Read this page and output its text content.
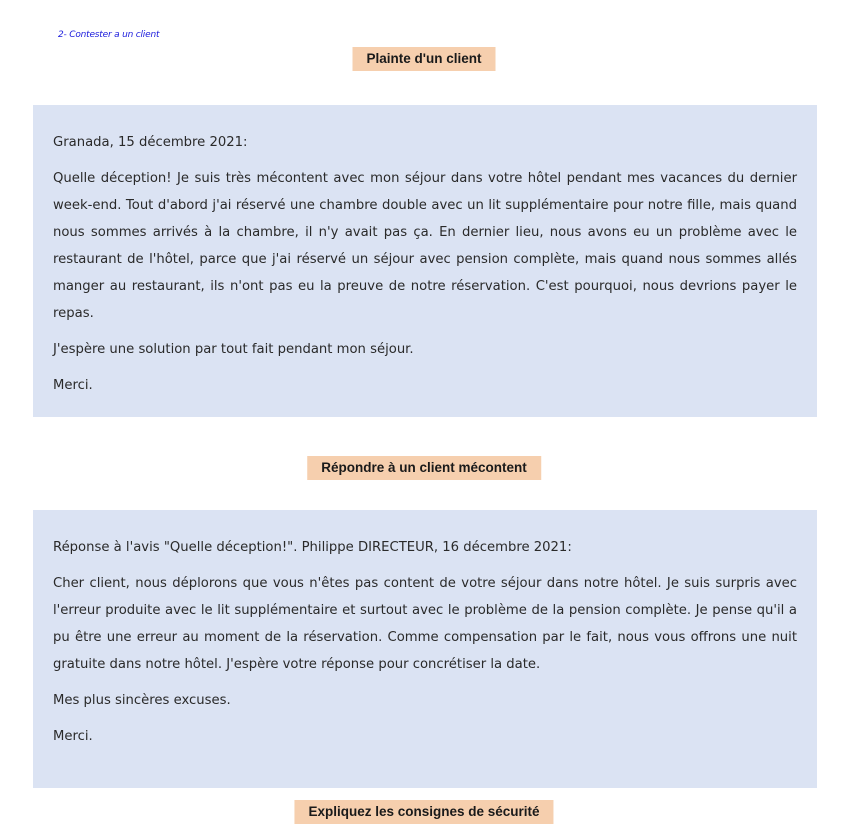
2- Contester a un client
Plainte d'un client

Granada, 15 décembre 2021:

Quelle déception! Je suis très mécontent avec mon séjour dans votre hôtel pendant mes vacances du dernier week-end. Tout d'abord j'ai réservé une chambre double avec un lit supplémentaire pour notre fille, mais quand nous sommes arrivés à la chambre, il n'y avait pas ça. En dernier lieu, nous avons eu un problème avec le restaurant de l'hôtel, parce que j'ai réservé un séjour avec pension complète, mais quand nous sommes allés manger au restaurant, ils n'ont pas eu la preuve de notre réservation. C'est pourquoi, nous devrions payer le repas.

J'espère une solution par tout fait pendant mon séjour.

Merci.

Répondre à un client mécontent

Réponse à l'avis "Quelle déception!". Philippe DIRECTEUR, 16 décembre 2021:

Cher client, nous déplorons que vous n'êtes pas content de votre séjour dans notre hôtel. Je suis surpris avec l'erreur produite avec le lit supplémentaire et surtout avec le problème de la pension complète. Je pense qu'il a pu être une erreur au moment de la réservation. Comme compensation par le fait, nous vous offrons une nuit gratuite dans notre hôtel. J'espère votre réponse pour concrétiser la date.

Mes plus sincères excuses.

Merci.

Expliquez les consignes de sécurité
